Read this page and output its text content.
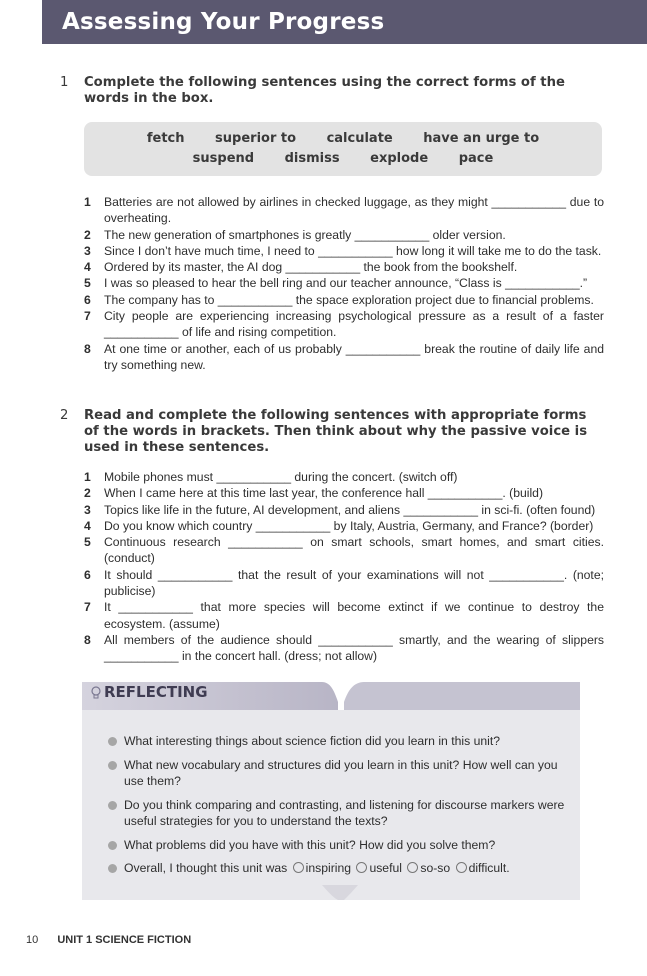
Assessing Your Progress
1 Complete the following sentences using the correct forms of the words in the box.
fetch superior to calculate have an urge to
suspend dismiss explode pace
1 Batteries are not allowed by airlines in checked luggage, as they might ___________ due to overheating.
2 The new generation of smartphones is greatly ___________ older version.
3 Since I don’t have much time, I need to ___________ how long it will take me to do the task.
4 Ordered by its master, the AI dog ___________ the book from the bookshelf.
5 I was so pleased to hear the bell ring and our teacher announce, “Class is ___________.”
6 The company has to ___________ the space exploration project due to financial problems.
7 City people are experiencing increasing psychological pressure as a result of a faster ___________ of life and rising competition.
8 At one time or another, each of us probably ___________ break the routine of daily life and try something new.
2 Read and complete the following sentences with appropriate forms of the words in brackets. Then think about why the passive voice is used in these sentences.
1 Mobile phones must ___________ during the concert. (switch off)
2 When I came here at this time last year, the conference hall ___________. (build)
3 Topics like life in the future, AI development, and aliens ___________ in sci-fi. (often found)
4 Do you know which country ___________ by Italy, Austria, Germany, and France? (border)
5 Continuous research ___________ on smart schools, smart homes, and smart cities. (conduct)
6 It should ___________ that the result of your examinations will not ___________. (note; publicise)
7 It ___________ that more species will become extinct if we continue to destroy the ecosystem. (assume)
8 All members of the audience should ___________ smartly, and the wearing of slippers ___________ in the concert hall. (dress; not allow)
REFLECTING
What interesting things about science fiction did you learn in this unit?
What new vocabulary and structures did you learn in this unit? How well can you use them?
Do you think comparing and contrasting, and listening for discourse markers were useful strategies for you to understand the texts?
What problems did you have with this unit? How did you solve them?
Overall, I thought this unit was inspiring useful so-so difficult.
10 UNIT 1 SCIENCE FICTION
